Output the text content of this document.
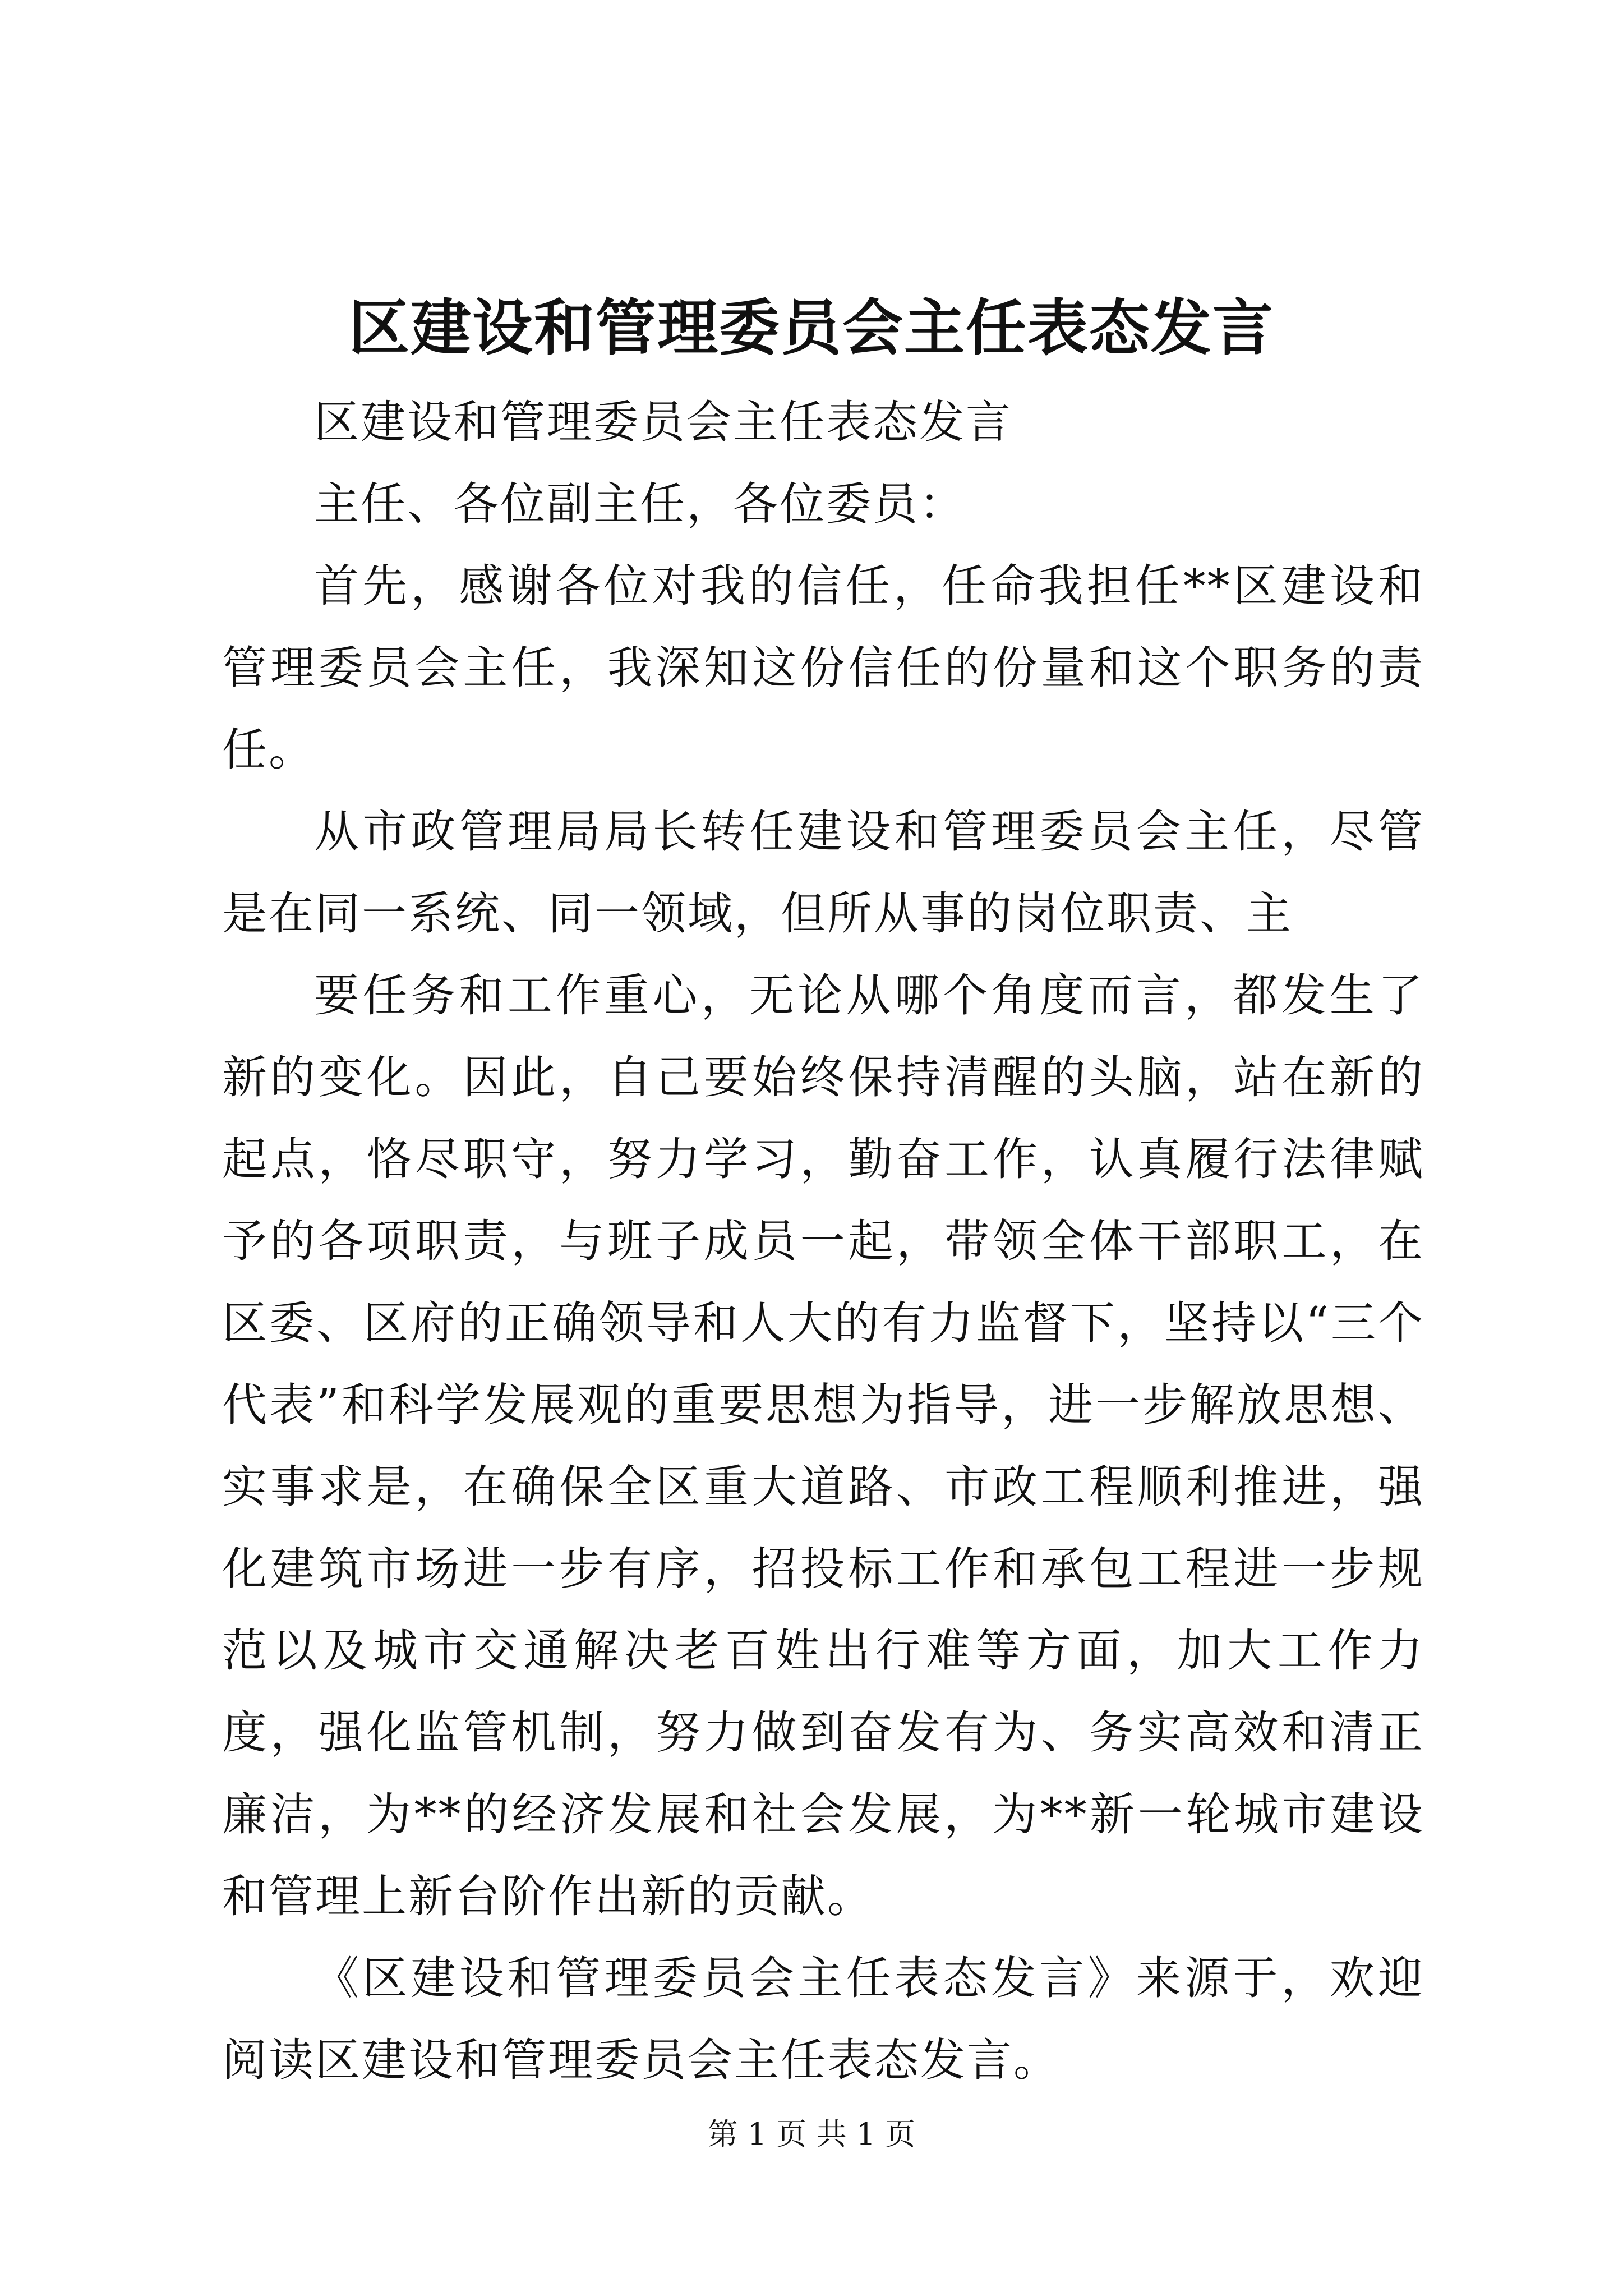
区建设和管理委员会主任表态发言

区建设和管理委员会主任表态发言

主任、各位副主任，各位委员：

首先，感谢各位对我的信任，任命我担任**区建设和管理委员会主任，我深知这份信任的份量和这个职务的责任。

从市政管理局局长转任建设和管理委员会主任，尽管是在同一系统、同一领域，但所从事的岗位职责、主

要任务和工作重心，无论从哪个角度而言，都发生了新的变化。因此，自己要始终保持清醒的头脑，站在新的起点，恪尽职守，努力学习，勤奋工作，认真履行法律赋予的各项职责，与班子成员一起，带领全体干部职工，在区委、区府的正确领导和人大的有力监督下，坚持以“三个代表”和科学发展观的重要思想为指导，进一步解放思想、实事求是，在确保全区重大道路、市政工程顺利推进，强化建筑市场进一步有序，招投标工作和承包工程进一步规范以及城市交通解决老百姓出行难等方面，加大工作力度，强化监管机制，努力做到奋发有为、务实高效和清正廉洁，为**的经济发展和社会发展，为**新一轮城市建设和管理上新台阶作出新的贡献。

《区建设和管理委员会主任表态发言》来源于，欢迎阅读区建设和管理委员会主任表态发言。

第 1 页 共 1 页
